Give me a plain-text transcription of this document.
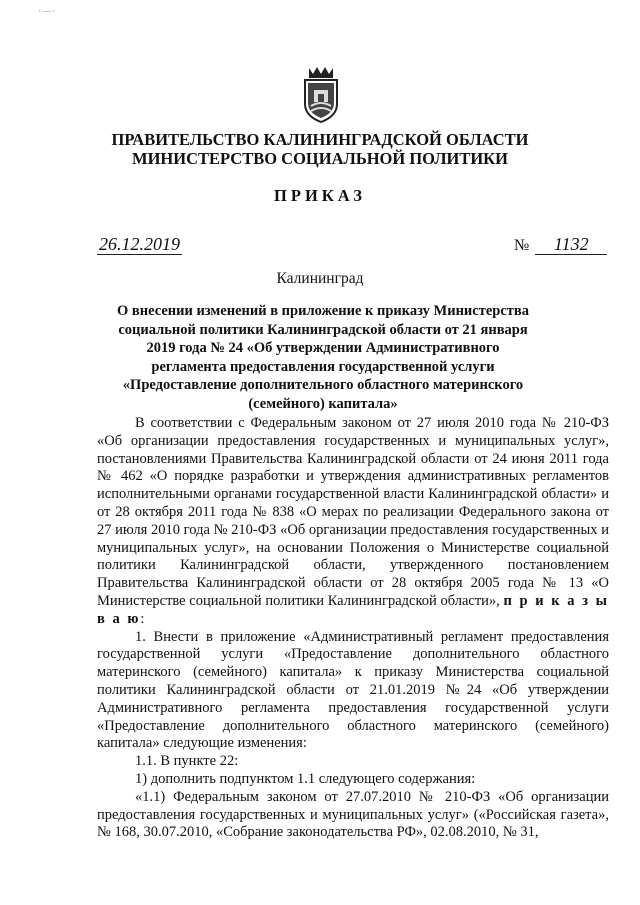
·—·
ПРАВИТЕЛЬСТВО КАЛИНИНГРАДСКОЙ ОБЛАСТИ
МИНИСТЕРСТВО СОЦИАЛЬНОЙ ПОЛИТИКИ
ПРИКАЗ
26.12.2019	№ 1132
Калининград
О внесении изменений в приложение к приказу Министерства социальной политики Калининградской области от 21 января 2019 года № 24 «Об утверждении Административного регламента предоставления государственной услуги «Предоставление дополнительного областного материнского (семейного) капитала»

В соответствии с Федеральным законом от 27 июля 2010 года № 210-ФЗ «Об организации предоставления государственных и муниципальных услуг», постановлениями Правительства Калининградской области от 24 июня 2011 года № 462 «О порядке разработки и утверждения административных регламентов исполнительными органами государственной власти Калининградской области» и от 28 октября 2011 года № 838 «О мерах по реализации Федерального закона от 27 июля 2010 года № 210-ФЗ «Об организации предоставления государственных и муниципальных услуг», на основании Положения о Министерстве социальной политики Калининградской области, утвержденного постановлением Правительства Калининградской области от 28 октября 2005 года № 13 «О Министерстве социальной политики Калининградской области», п р и к а з ы в а ю:

1. Внести в приложение «Административный регламент предоставления государственной услуги «Предоставление дополнительного областного материнского (семейного) капитала» к приказу Министерства социальной политики Калининградской области от 21.01.2019 №24 «Об утверждении Административного регламента предоставления государственной услуги «Предоставление дополнительного областного материнского (семейного) капитала» следующие изменения:

1.1. В пункте 22:

1) дополнить подпунктом 1.1 следующего содержания:

«1.1) Федеральным законом от 27.07.2010 № 210-ФЗ «Об организации предоставления государственных и муниципальных услуг» («Российская газета», № 168, 30.07.2010, «Собрание законодательства РФ», 02.08.2010, № 31,
